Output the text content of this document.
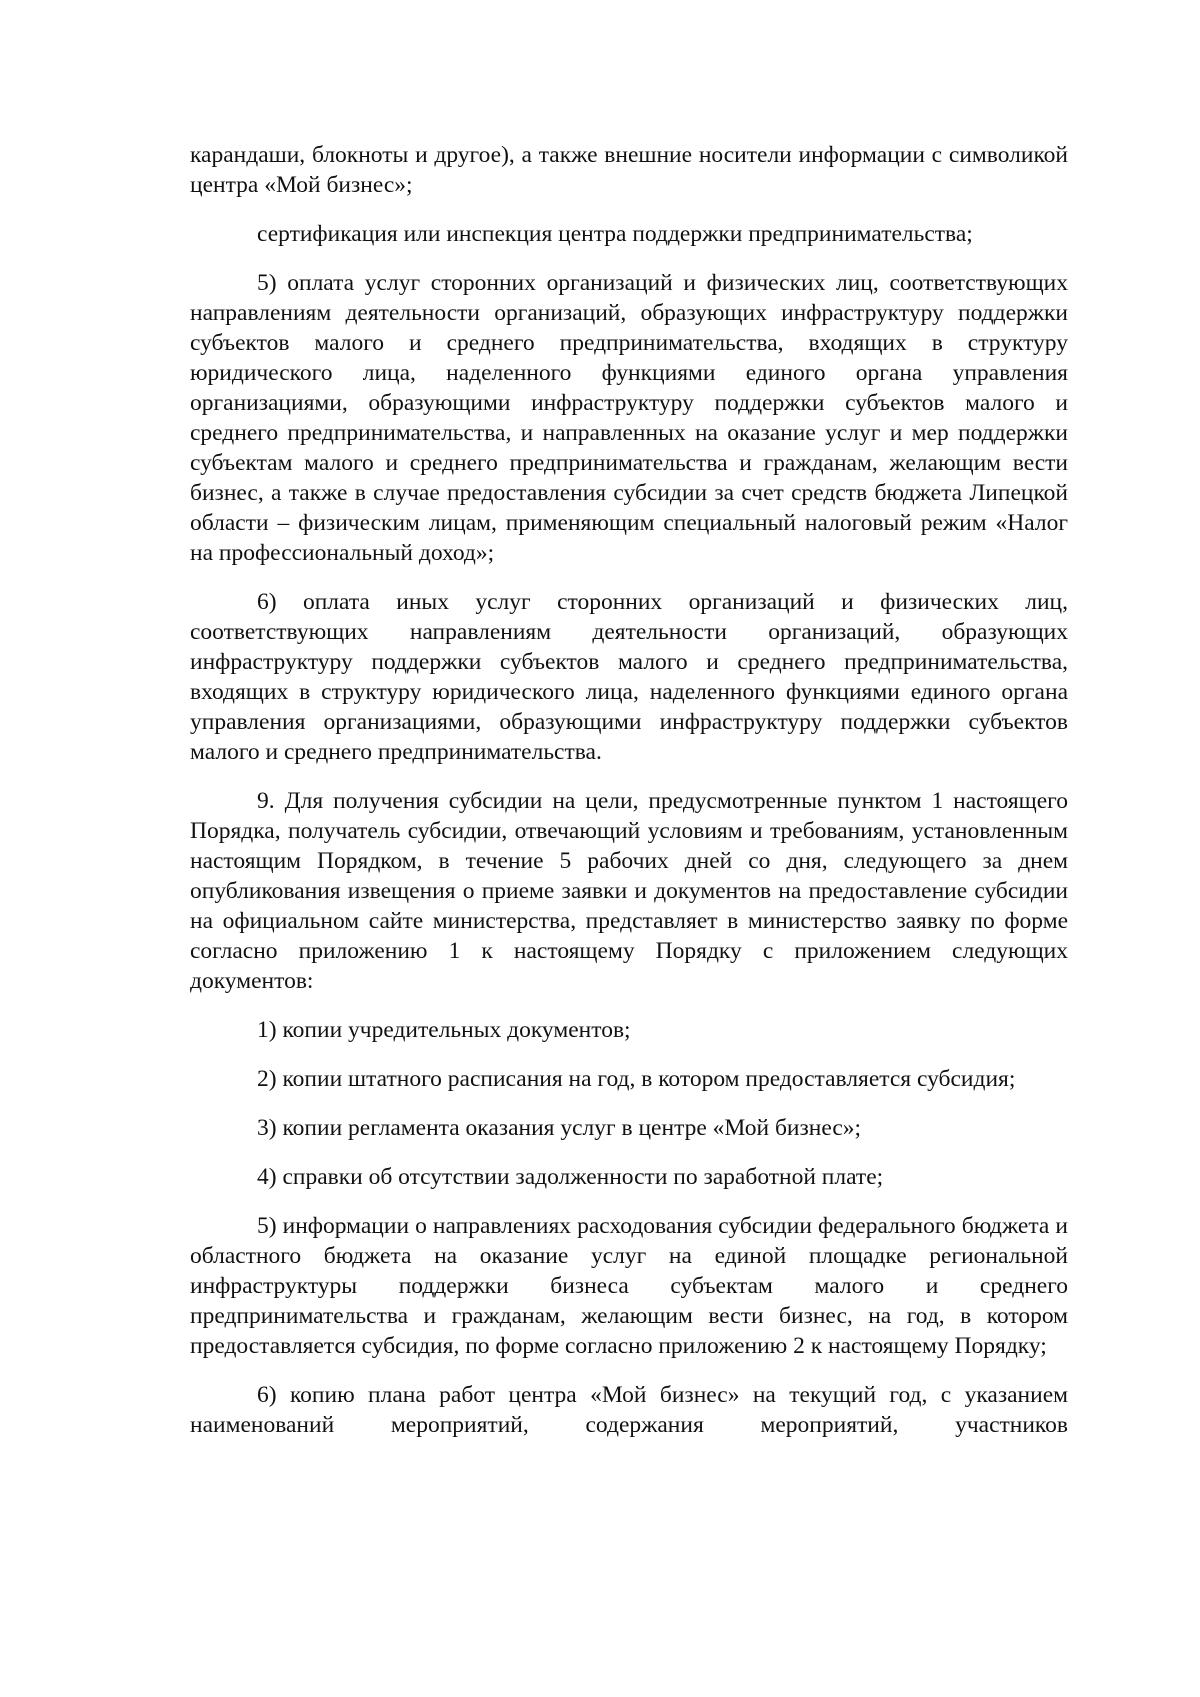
карандаши, блокноты и другое), а также внешние носители информации с символикой центра «Мой бизнес»;

сертификация или инспекция центра поддержки предпринимательства;

5) оплата услуг сторонних организаций и физических лиц, соответствующих направлениям деятельности организаций, образующих инфраструктуру поддержки субъектов малого и среднего предпринимательства, входящих в структуру юридического лица, наделенного функциями единого органа управления организациями, образующими инфраструктуру поддержки субъектов малого и среднего предпринимательства, и направленных на оказание услуг и мер поддержки субъектам малого и среднего предпринимательства и гражданам, желающим вести бизнес, а также в случае предоставления субсидии за счет средств бюджета Липецкой области – физическим лицам, применяющим специальный налоговый режим «Налог на профессиональный доход»;

6) оплата иных услуг сторонних организаций и физических лиц, соответствующих направлениям деятельности организаций, образующих инфраструктуру поддержки субъектов малого и среднего предпринимательства, входящих в структуру юридического лица, наделенного функциями единого органа управления организациями, образующими инфраструктуру поддержки субъектов малого и среднего предпринимательства.

9. Для получения субсидии на цели, предусмотренные пунктом 1 настоящего Порядка, получатель субсидии, отвечающий условиям и требованиям, установленным настоящим Порядком, в течение 5 рабочих дней со дня, следующего за днем опубликования извещения о приеме заявки и документов на предоставление субсидии на официальном сайте министерства, представляет в министерство заявку по форме согласно приложению 1 к настоящему Порядку с приложением следующих документов:

1) копии учредительных документов;

2) копии штатного расписания на год, в котором предоставляется субсидия;

3) копии регламента оказания услуг в центре «Мой бизнес»;

4) справки об отсутствии задолженности по заработной плате;

5) информации о направлениях расходования субсидии федерального бюджета и областного бюджета на оказание услуг на единой площадке региональной инфраструктуры поддержки бизнеса субъектам малого и среднего предпринимательства и гражданам, желающим вести бизнес, на год, в котором предоставляется субсидия, по форме согласно приложению 2 к настоящему Порядку;

6) копию плана работ центра «Мой бизнес» на текущий год, с указанием наименований мероприятий, содержания мероприятий, участников
